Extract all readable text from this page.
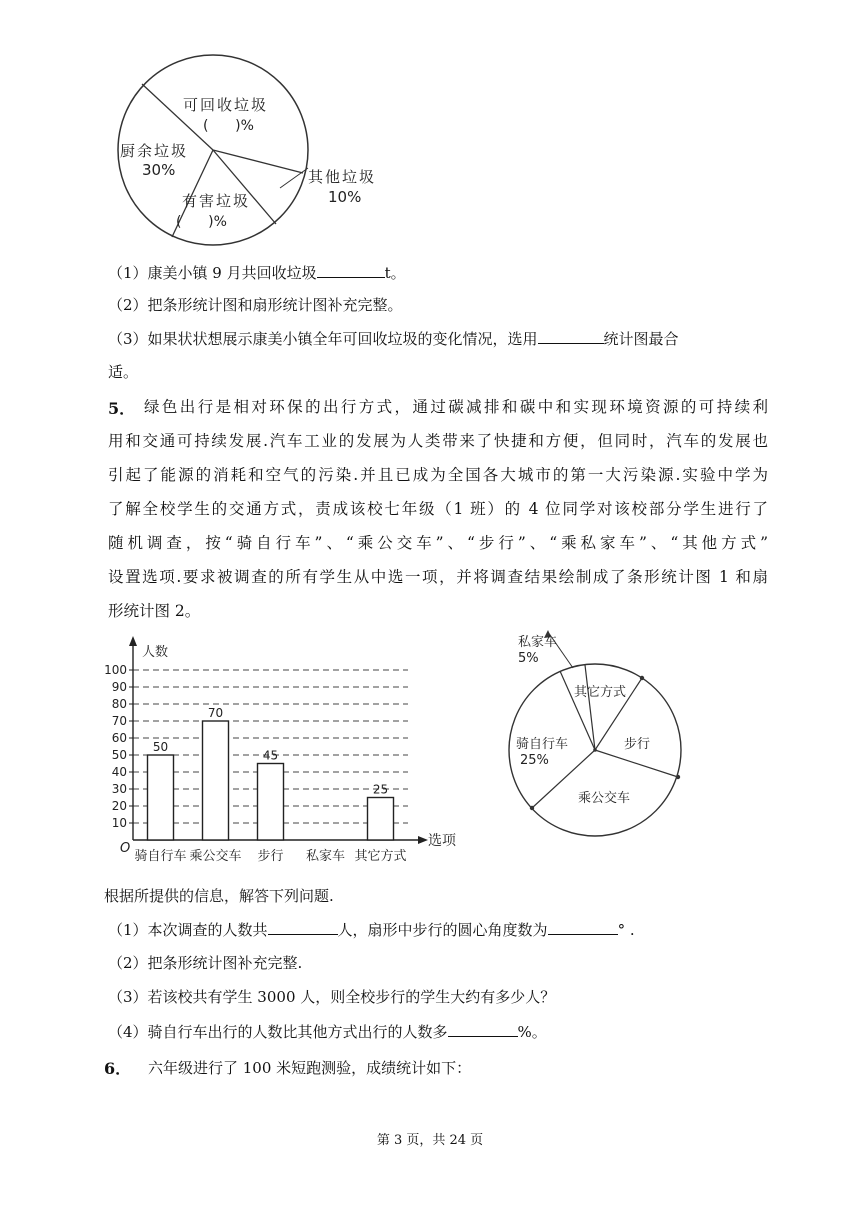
可回收垃圾
(      )%
厨余垃圾
30%
有害垃圾
(      )%
其他垃圾
10%
（1）康美小镇 9 月共回收垃圾	t。
（2）把条形统计图和扇形统计图补充完整。
（3）如果状状想展示康美小镇全年可回收垃圾的变化情况，选用	统计图最合
适。
5． 绿色出行是相对环保的出行方式，通过碳减排和碳中和实现环境资源的可持续利
用和交通可持续发展.汽车工业的发展为人类带来了快捷和方便，但同时，汽车的发展也
引起了能源的消耗和空气的污染.并且已成为全国各大城市的第一大污染源.实验中学为
了解全校学生的交通方式，责成该校七年级（1 班）的 4 位同学对该校部分学生进行了
随机调查，按“骑自行车”、“乘公交车”、“步行”、“乘私家车”、“其他方式”
设置选项.要求被调查的所有学生从中选一项，并将调查结果绘制成了条形统计图 1 和扇
形统计图 2。
人数
选项
O
10
20
30
40
50
60
70
80
90
100
50
70
45
25
骑自行车 乘公交车 步行 私家车 其它方式
私家车
5%
其它方式
步行
骑自行车
25%
乘公交车
根据所提供的信息，解答下列问题.
（1）本次调查的人数共	人，扇形中步行的圆心角度数为	° .
（2）把条形统计图补充完整.
（3）若该校共有学生 3000 人，则全校步行的学生大约有多少人？
（4）骑自行车出行的人数比其他方式出行的人数多	%。
6． 六年级进行了 100 米短跑测验，成绩统计如下：
第 3 页，共 24 页
